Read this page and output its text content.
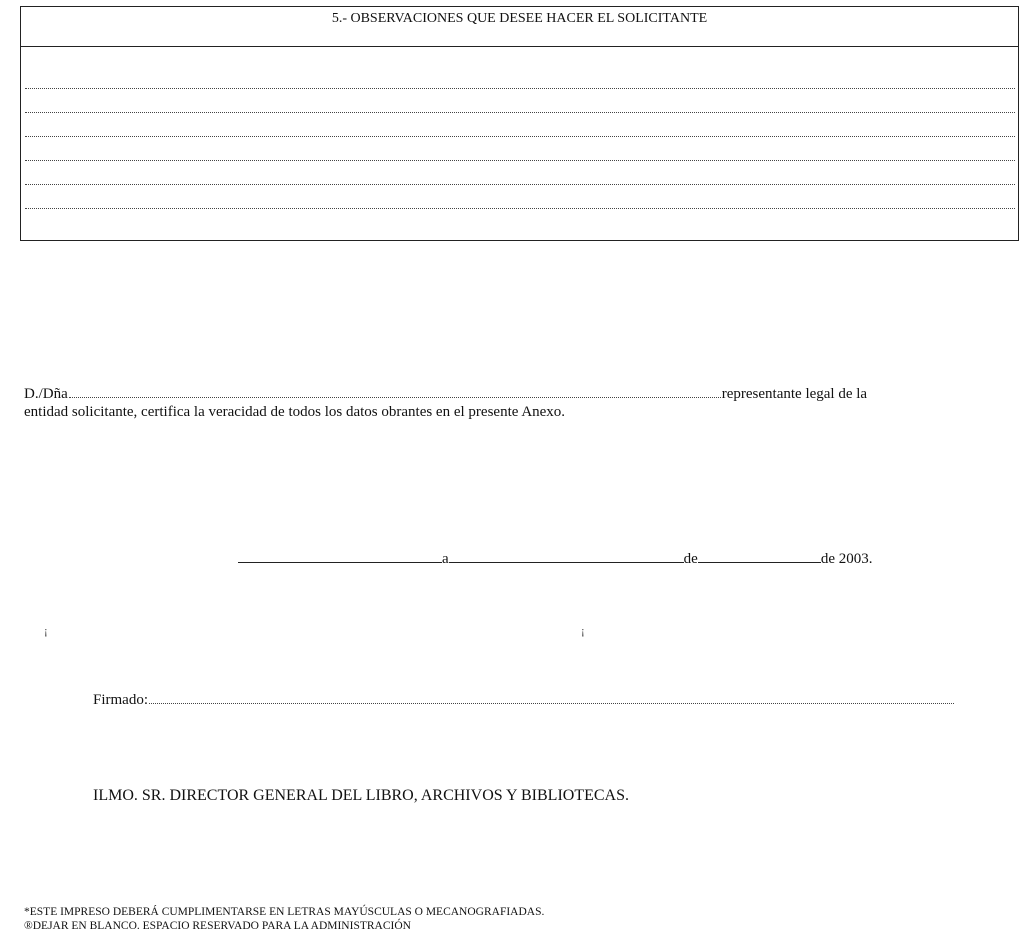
5.- OBSERVACIONES QUE DESEE HACER EL SOLICITANTE
D./Dña	representante legal de la
entidad solicitante, certifica la veracidad de todos los datos obrantes en el presente Anexo.
a	de	de 2003.
¡	¡
Firmado:
ILMO. SR. DIRECTOR GENERAL DEL LIBRO, ARCHIVOS Y BIBLIOTECAS.
*ESTE IMPRESO DEBERÁ CUMPLIMENTARSE EN LETRAS MAYÚSCULAS O MECANOGRAFIADAS.
®DEJAR EN BLANCO. ESPACIO RESERVADO PARA LA ADMINISTRACIÓN
